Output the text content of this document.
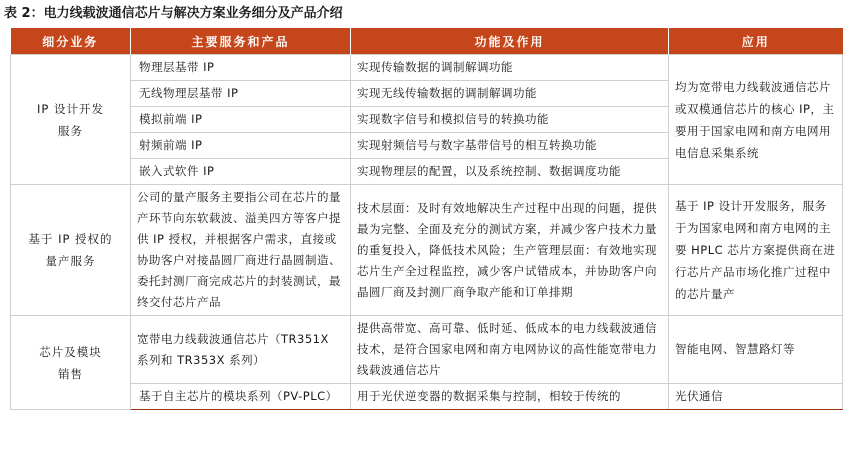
表 2：电力线载波通信芯片与解决方案业务细分及产品介绍
细分业务	主要服务和产品	功能及作用	应用

IP 设计开发
服务	物理层基带 IP	实现传输数据的调制解调功能	均为宽带电力线载波通信芯片或双模通信芯片的核心 IP，主要用于国家电网和南方电网用电信息采集系统
	无线物理层基带 IP	实现无线传输数据的调制解调功能	
	模拟前端 IP	实现数字信号和模拟信号的转换功能	
	射频前端 IP	实现射频信号与数字基带信号的相互转换功能	
	嵌入式软件 IP	实现物理层的配置，以及系统控制、数据调度功能	

基于 IP 授权的
量产服务	公司的量产服务主要指公司在芯片的量产环节向东软载波、溢美四方等客户提供 IP 授权，并根据客户需求，直接或协助客户对接晶圆厂商进行晶圆制造、委托封测厂商完成芯片的封装测试，最终交付芯片产品	技术层面：及时有效地解决生产过程中出现的问题，提供最为完整、全面及充分的测试方案，并减少客户技术力量的重复投入，降低技术风险；生产管理层面：有效地实现芯片生产全过程监控，减少客户试错成本，并协助客户向晶圆厂商及封测厂商争取产能和订单排期	基于 IP 设计开发服务，服务于为国家电网和南方电网的主要 HPLC 芯片方案提供商在进行芯片产品市场化推广过程中的芯片量产

芯片及模块
销售	宽带电力线载波通信芯片（TR351X 系列和 TR353X 系列）	提供高带宽、高可靠、低时延、低成本的电力线载波通信技术，是符合国家电网和南方电网协议的高性能宽带电力线载波通信芯片	智能电网、智慧路灯等
	基于自主芯片的模块系列（PV-PLC）	用于光伏逆变器的数据采集与控制，相较于传统的	光伏通信
